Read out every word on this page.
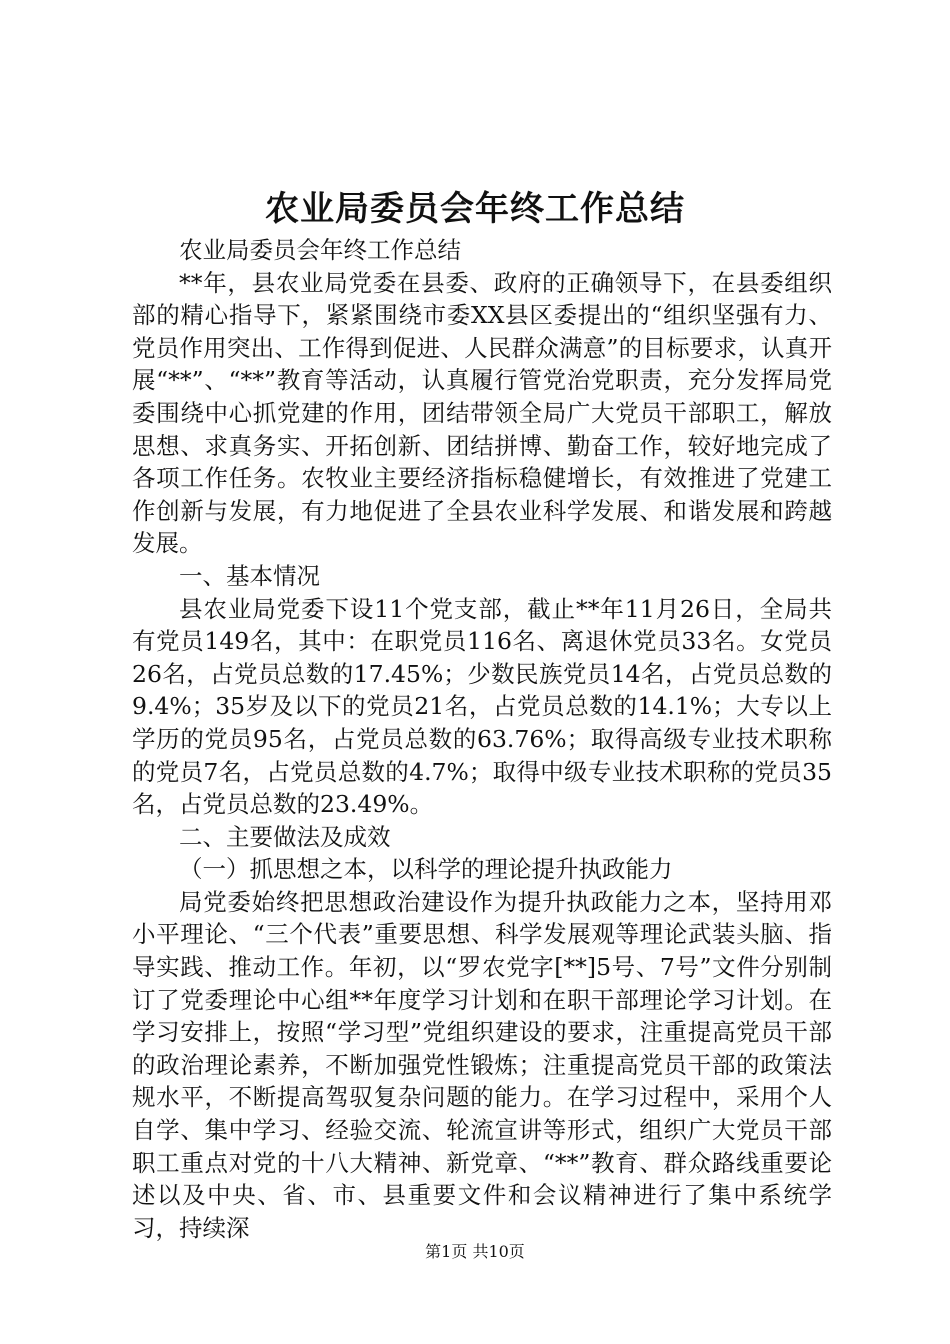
农业局委员会年终工作总结

农业局委员会年终工作总结

**年，县农业局党委在县委、政府的正确领导下，在县委组织部的精心指导下，紧紧围绕市委XX县区委提出的“组织坚强有力、党员作用突出、工作得到促进、人民群众满意”的目标要求，认真开展“**”、“**”教育等活动，认真履行管党治党职责，充分发挥局党委围绕中心抓党建的作用，团结带领全局广大党员干部职工，解放思想、求真务实、开拓创新、团结拼博、勤奋工作，较好地完成了各项工作任务。农牧业主要经济指标稳健增长，有效推进了党建工作创新与发展，有力地促进了全县农业科学发展、和谐发展和跨越发展。

一、基本情况

县农业局党委下设11个党支部，截止**年11月26日，全局共有党员149名，其中：在职党员116名、离退休党员33名。女党员26名，占党员总数的17.45%；少数民族党员14名，占党员总数的9.4%；35岁及以下的党员21名，占党员总数的14.1%；大专以上学历的党员95名，占党员总数的63.76%；取得高级专业技术职称的党员7名，占党员总数的4.7%；取得中级专业技术职称的党员35名，占党员总数的23.49%。

二、主要做法及成效

（一）抓思想之本，以科学的理论提升执政能力

局党委始终把思想政治建设作为提升执政能力之本，坚持用邓小平理论、“三个代表”重要思想、科学发展观等理论武装头脑、指导实践、推动工作。年初，以“罗农党字[**]5号、7号”文件分别制订了党委理论中心组**年度学习计划和在职干部理论学习计划。在学习安排上，按照“学习型”党组织建设的要求，注重提高党员干部的政治理论素养，不断加强党性锻炼；注重提高党员干部的政策法规水平，不断提高驾驭复杂问题的能力。在学习过程中，采用个人自学、集中学习、经验交流、轮流宣讲等形式，组织广大党员干部职工重点对党的十八大精神、新党章、“**”教育、群众路线重要论述以及中央、省、市、县重要文件和会议精神进行了集中系统学习，持续深

第1页 共10页
